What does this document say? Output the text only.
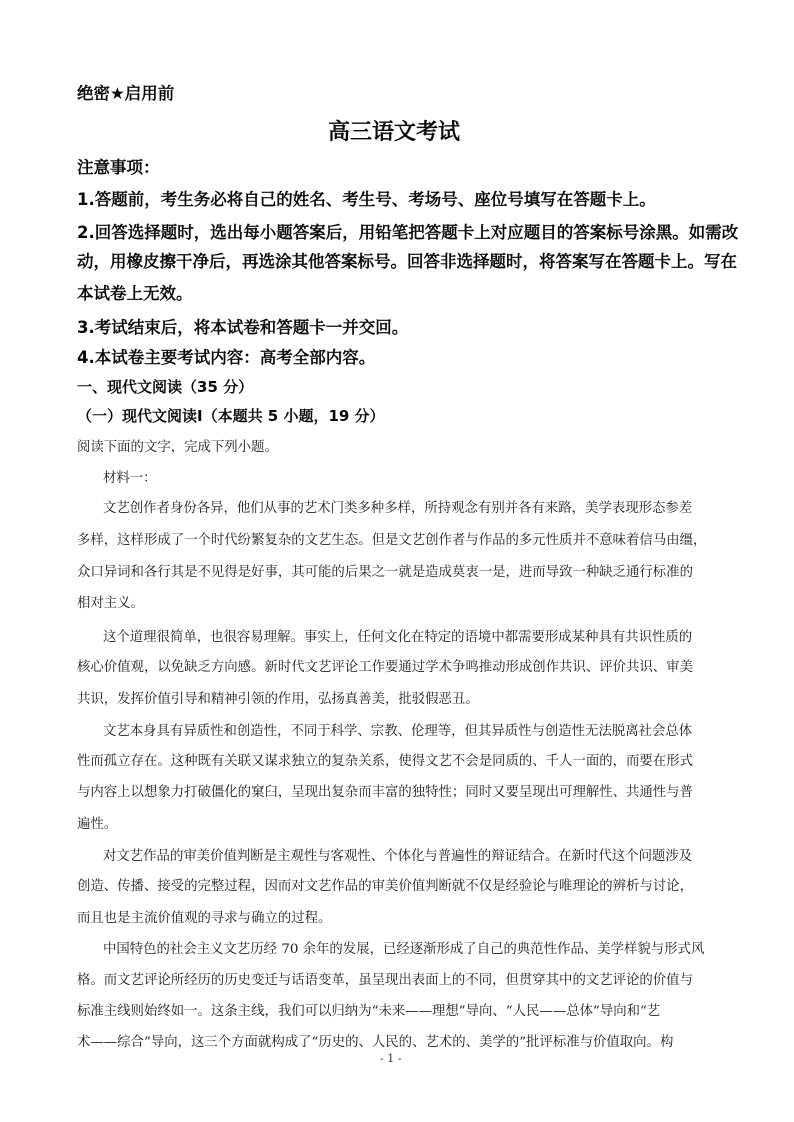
绝密★启用前
高三语文考试
注意事项：
1.答题前，考生务必将自己的姓名、考生号、考场号、座位号填写在答题卡上。
2.回答选择题时，选出每小题答案后，用铅笔把答题卡上对应题目的答案标号涂黑。如需改
动，用橡皮擦干净后，再选涂其他答案标号。回答非选择题时，将答案写在答题卡上。写在
本试卷上无效。
3.考试结束后，将本试卷和答题卡一并交回。
4.本试卷主要考试内容：高考全部内容。
一、现代文阅读（35 分）
（一）现代文阅读Ⅰ（本题共 5 小题，19 分）
阅读下面的文字，完成下列小题。
材料一：
文艺创作者身份各异，他们从事的艺术门类多种多样，所持观念有别并各有来路，美学表现形态参差
多样，这样形成了一个时代纷繁复杂的文艺生态。但是文艺创作者与作品的多元性质并不意味着信马由缰，
众口异词和各行其是不见得是好事，其可能的后果之一就是造成莫衷一是，进而导致一种缺乏通行标准的
相对主义。
这个道理很简单，也很容易理解。事实上，任何文化在特定的语境中都需要形成某种具有共识性质的
核心价值观，以免缺乏方向感。新时代文艺评论工作要通过学术争鸣推动形成创作共识、评价共识、审美
共识，发挥价值引导和精神引领的作用，弘扬真善美，批驳假恶丑。
文艺本身具有异质性和创造性，不同于科学、宗教、伦理等，但其异质性与创造性无法脱离社会总体
性而孤立存在。这种既有关联又谋求独立的复杂关系，使得文艺不会是同质的、千人一面的，而要在形式
与内容上以想象力打破僵化的窠臼，呈现出复杂而丰富的独特性；同时又要呈现出可理解性、共通性与普
遍性。
对文艺作品的审美价值判断是主观性与客观性、个体化与普遍性的辩证结合。在新时代这个问题涉及
创造、传播、接受的完整过程，因而对文艺作品的审美价值判断就不仅是经验论与唯理论的辨析与讨论，
而且也是主流价值观的寻求与确立的过程。
中国特色的社会主义文艺历经 70 余年的发展，已经逐渐形成了自己的典范性作品、美学样貌与形式风
格。而文艺评论所经历的历史变迁与话语变革，虽呈现出表面上的不同，但贯穿其中的文艺评论的价值与
标准主线则始终如一。这条主线，我们可以归纳为“未来——理想”导向、“人民——总体”导向和“艺
术——综合”导向，这三个方面就构成了“历史的、人民的、艺术的、美学的”批评标准与价值取向。构
- 1 -
